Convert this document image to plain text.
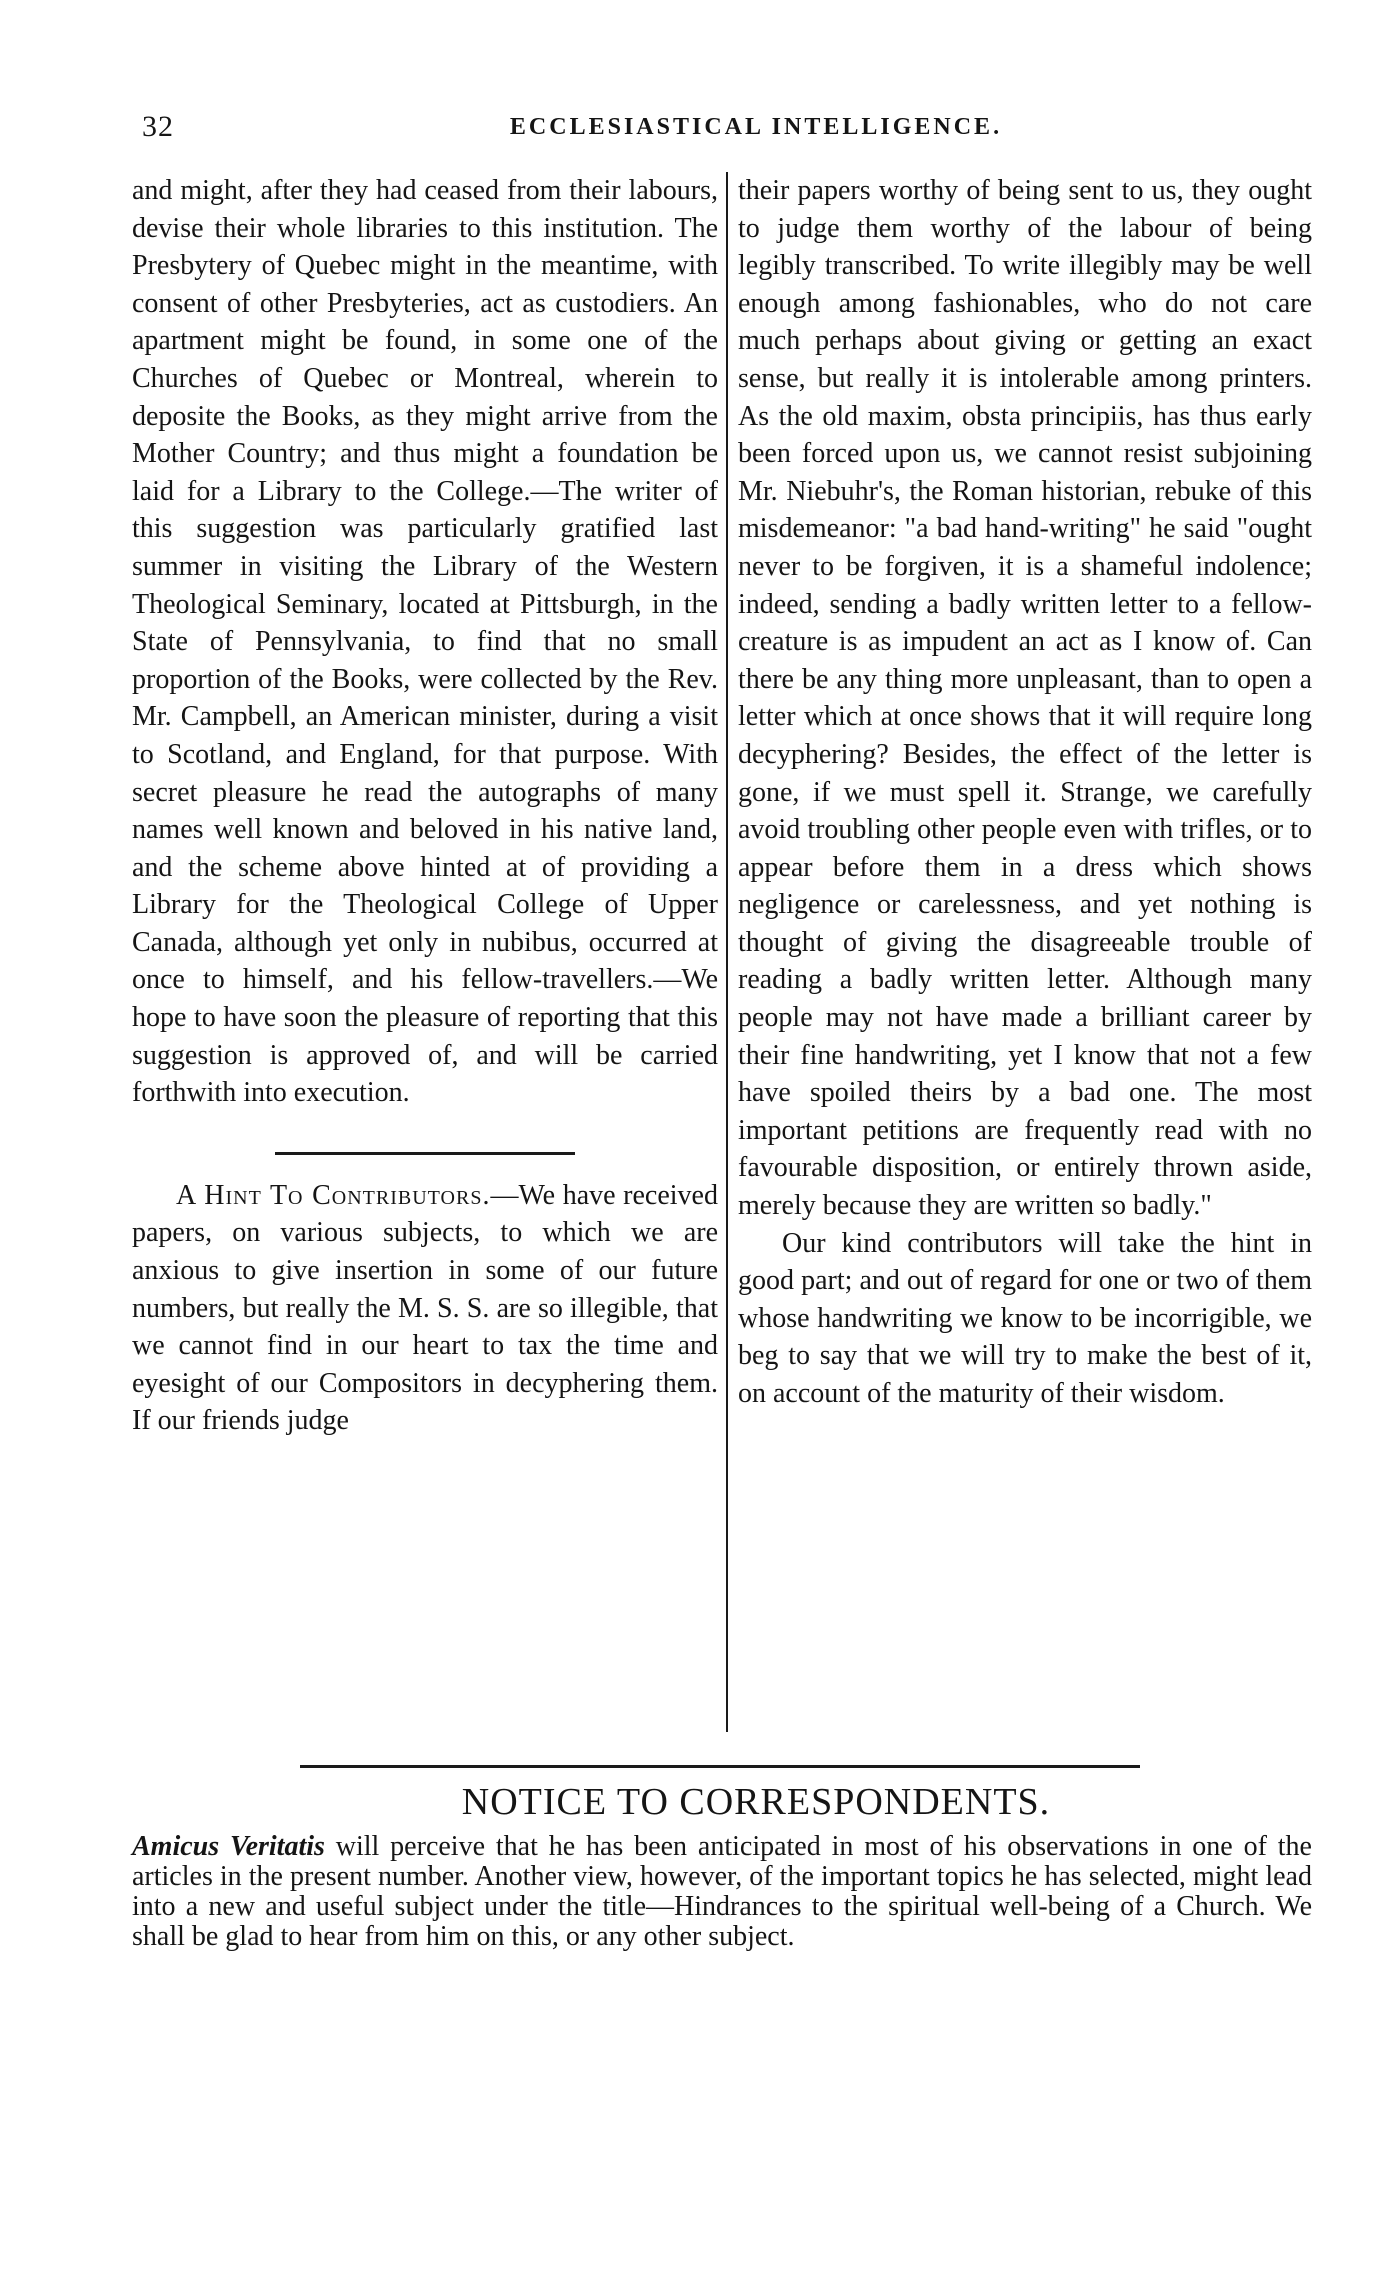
32	ECCLESIASTICAL INTELLIGENCE.

and might, after they had ceased from their labours, devise their whole libraries to this institution. The Presbytery of Quebec might in the meantime, with consent of other Presbyteries, act as custodiers. An apartment might be found, in some one of the Churches of Quebec or Montreal, wherein to deposite the Books, as they might arrive from the Mother Country; and thus might a foundation be laid for a Library to the College.—The writer of this suggestion was particularly gratified last summer in visiting the Library of the Western Theological Seminary, located at Pittsburgh, in the State of Pennsylvania, to find that no small proportion of the Books, were collected by the Rev. Mr. Campbell, an American minister, during a visit to Scotland, and England, for that purpose. With secret pleasure he read the autographs of many names well known and beloved in his native land, and the scheme above hinted at of providing a Library for the Theological College of Upper Canada, although yet only in nubibus, occurred at once to himself, and his fellow-travellers.—We hope to have soon the pleasure of reporting that this suggestion is approved of, and will be carried forthwith into execution.

A Hint To Contributors.—We have received papers, on various subjects, to which we are anxious to give insertion in some of our future numbers, but really the M. S. S. are so illegible, that we cannot find in our heart to tax the time and eyesight of our Compositors in decyphering them. If our friends judge

their papers worthy of being sent to us, they ought to judge them worthy of the labour of being legibly transcribed. To write illegibly may be well enough among fashionables, who do not care much perhaps about giving or getting an exact sense, but really it is intolerable among printers. As the old maxim, obsta principiis, has thus early been forced upon us, we cannot resist subjoining Mr. Niebuhr's, the Roman historian, rebuke of this misdemeanor: "a bad hand-writing" he said "ought never to be forgiven, it is a shameful indolence; indeed, sending a badly written letter to a fellow-creature is as impudent an act as I know of. Can there be any thing more unpleasant, than to open a letter which at once shows that it will require long decyphering? Besides, the effect of the letter is gone, if we must spell it. Strange, we carefully avoid troubling other people even with trifles, or to appear before them in a dress which shows negligence or carelessness, and yet nothing is thought of giving the disagreeable trouble of reading a badly written letter. Although many people may not have made a brilliant career by their fine handwriting, yet I know that not a few have spoiled theirs by a bad one. The most important petitions are frequently read with no favourable disposition, or entirely thrown aside, merely because they are written so badly."

Our kind contributors will take the hint in good part; and out of regard for one or two of them whose handwriting we know to be incorrigible, we beg to say that we will try to make the best of it, on account of the maturity of their wisdom.

NOTICE TO CORRESPONDENTS.
Amicus Veritatis will perceive that he has been anticipated in most of his observations in one of the articles in the present number. Another view, however, of the important topics he has selected, might lead into a new and useful subject under the title—Hindrances to the spiritual well-being of a Church. We shall be glad to hear from him on this, or any other subject.
